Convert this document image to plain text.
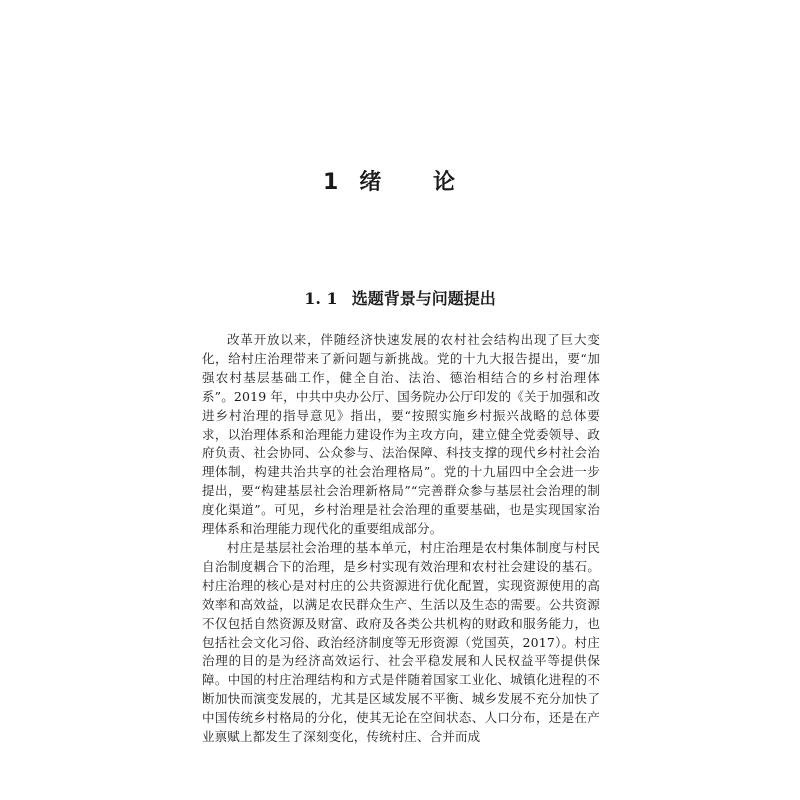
1 绪 论
1. 1 选题背景与问题提出

改革开放以来，伴随经济快速发展的农村社会结构出现了巨大变化，给村庄治理带来了新问题与新挑战。党的十九大报告提出，要“加强农村基层基础工作，健全自治、法治、德治相结合的乡村治理体系”。2019 年，中共中央办公厅、国务院办公厅印发的《关于加强和改进乡村治理的指导意见》指出，要“按照实施乡村振兴战略的总体要求，以治理体系和治理能力建设作为主攻方向，建立健全党委领导、政府负责、社会协同、公众参与、法治保障、科技支撑的现代乡村社会治理体制，构建共治共享的社会治理格局”。党的十九届四中全会进一步提出，要“构建基层社会治理新格局”“完善群众参与基层社会治理的制度化渠道”。可见，乡村治理是社会治理的重要基础，也是实现国家治理体系和治理能力现代化的重要组成部分。

村庄是基层社会治理的基本单元，村庄治理是农村集体制度与村民自治制度耦合下的治理，是乡村实现有效治理和农村社会建设的基石。村庄治理的核心是对村庄的公共资源进行优化配置，实现资源使用的高效率和高效益，以满足农民群众生产、生活以及生态的需要。公共资源不仅包括自然资源及财富、政府及各类公共机构的财政和服务能力，也包括社会文化习俗、政治经济制度等无形资源（党国英，2017）。村庄治理的目的是为经济高效运行、社会平稳发展和人民权益平等提供保障。中国的村庄治理结构和方式是伴随着国家工业化、城镇化进程的不断加快而演变发展的，尤其是区域发展不平衡、城乡发展不充分加快了中国传统乡村格局的分化，使其无论在空间状态、人口分布，还是在产业禀赋上都发生了深刻变化，传统村庄、合并而成
